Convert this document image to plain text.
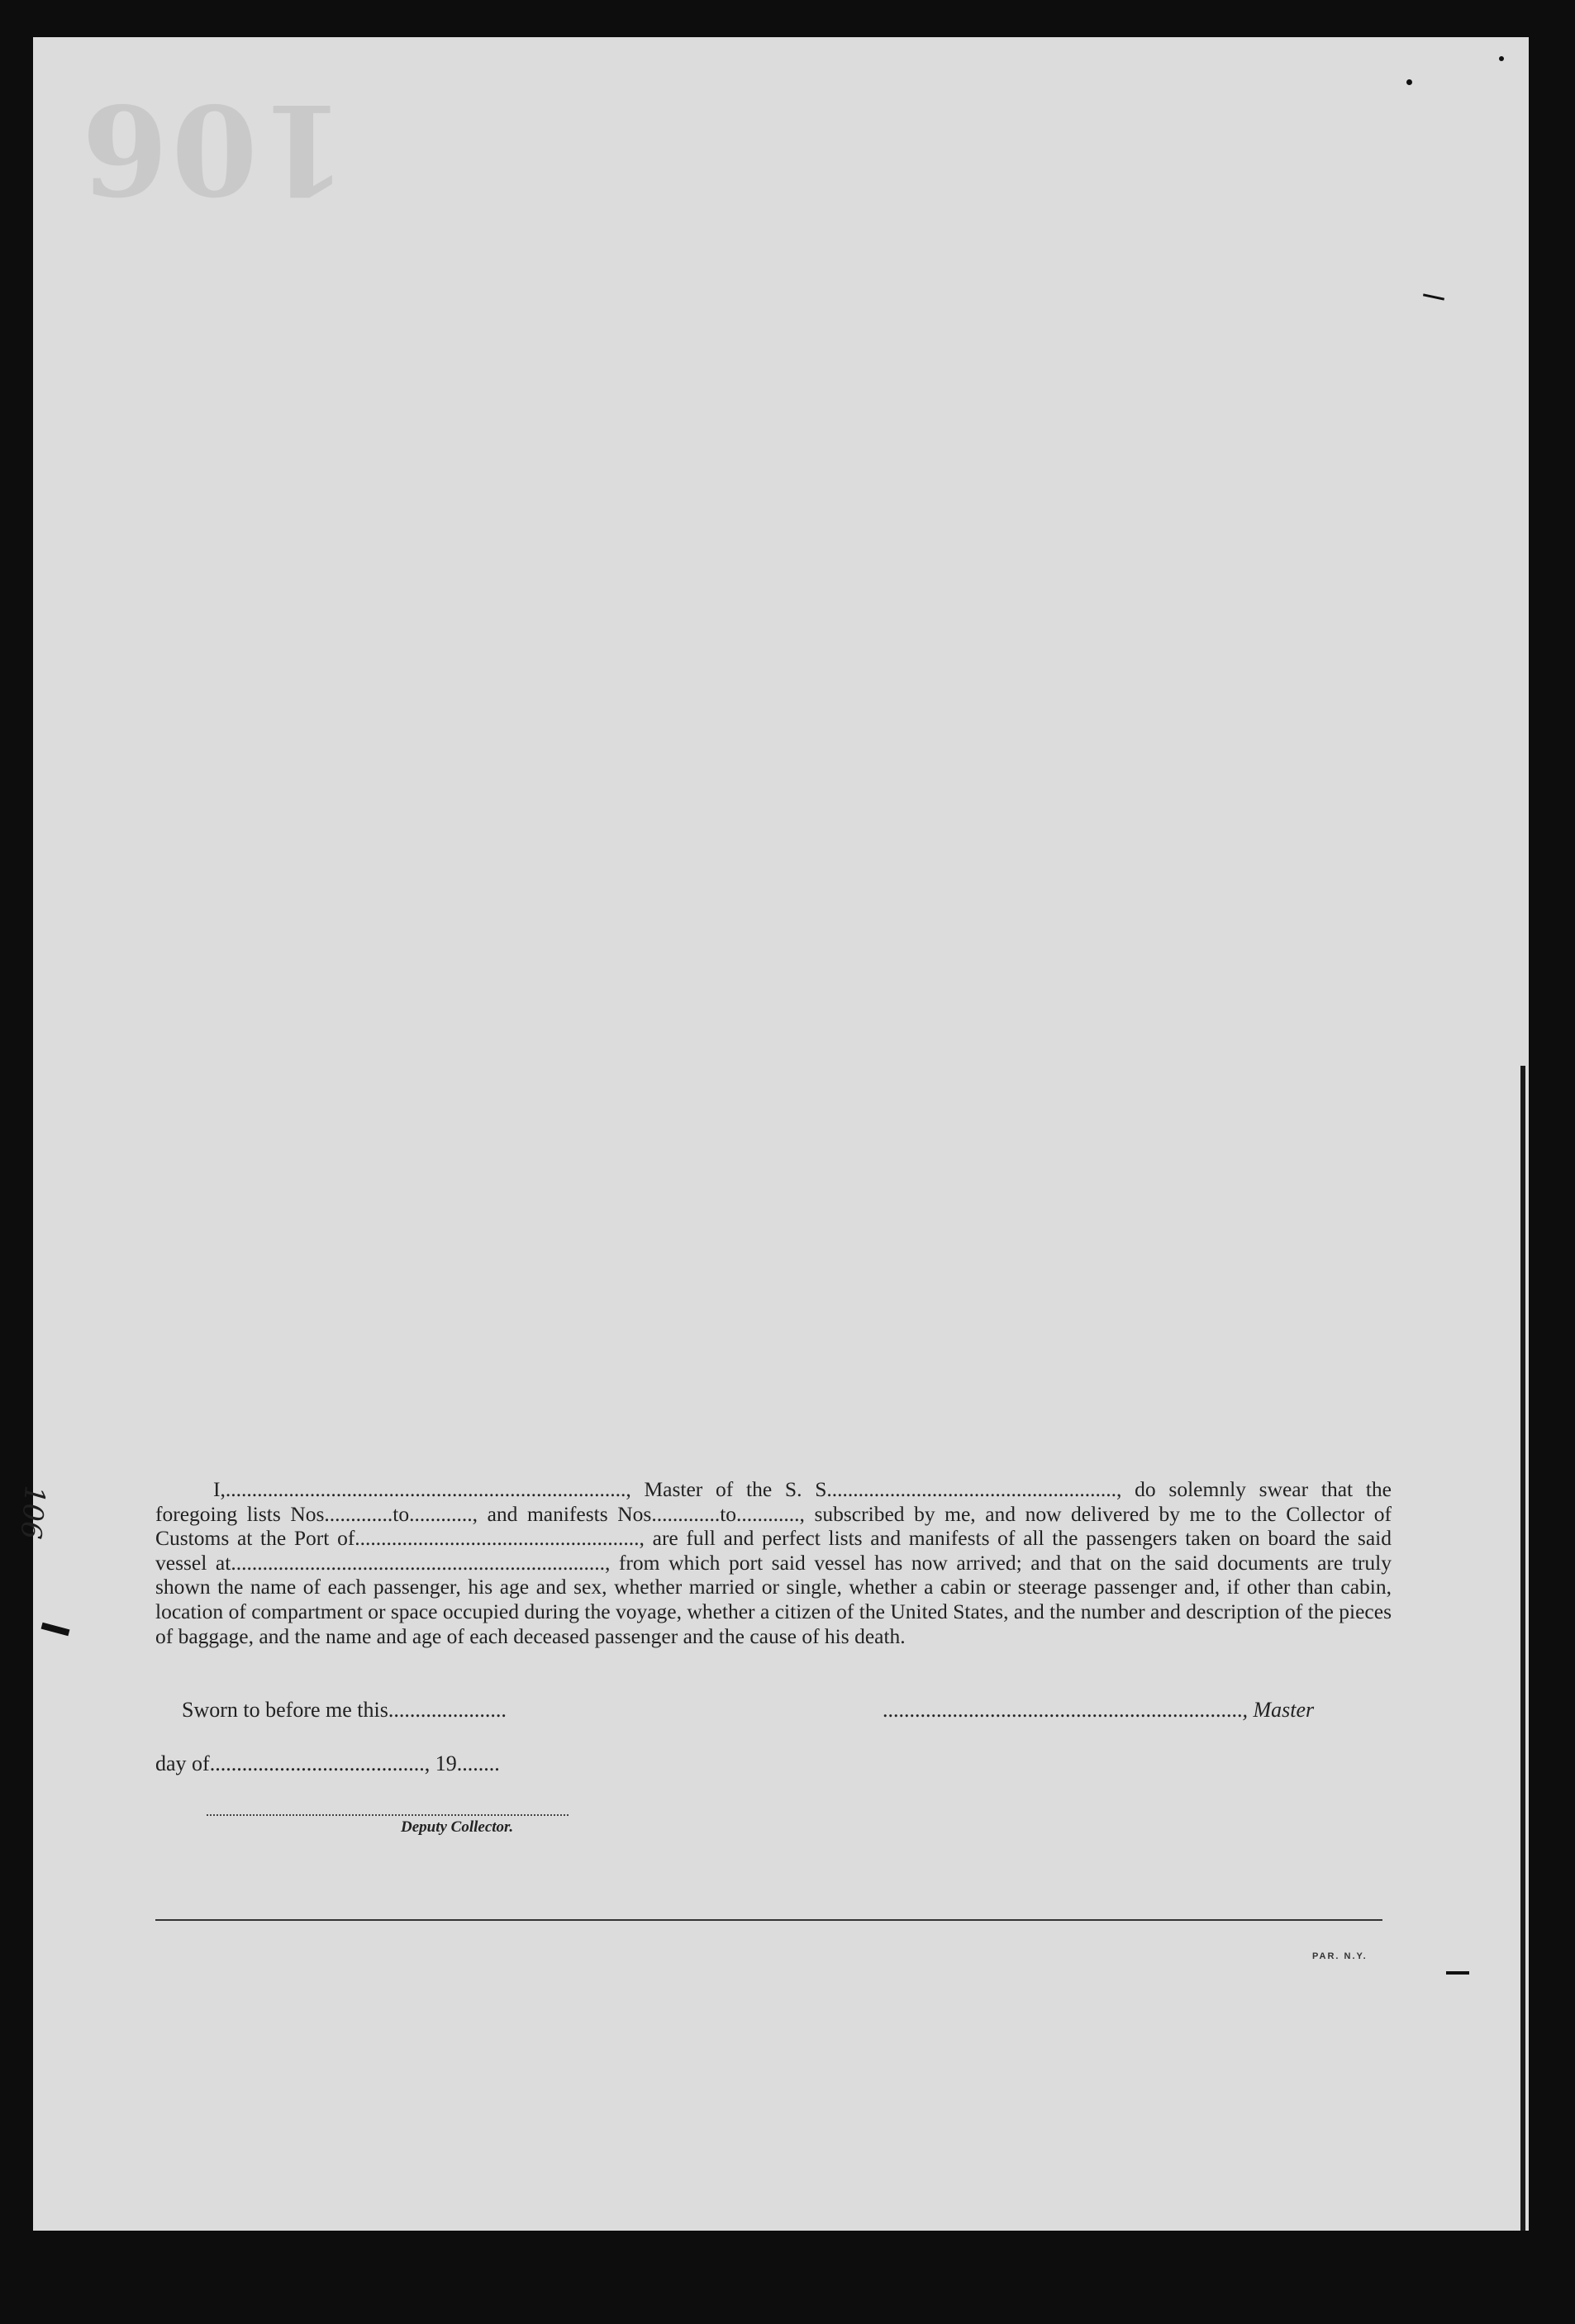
106
106	I,............................................................................, Master of the S. S......................................................., do solemnly swear that the foregoing lists Nos.............to............, and manifests Nos.............to............, subscribed by me, and now delivered by me to the Collector of Customs at the Port of......................................................, are full and perfect lists and manifests of all the passengers taken on board the said vessel at......................................................................., from which port said vessel has now arrived; and that on the said documents are truly shown the name of each passenger, his age and sex, whether married or single, whether a cabin or steerage passenger and, if other than cabin, location of compartment or space occupied during the voyage, whether a citizen of the United States, and the number and description of the pieces of baggage, and the name and age of each deceased passenger and the cause of his death.

Sworn to before me this......................	..................................................................., Master
day of........................................, 19........
Deputy Collector.
PAR. N.Y.
